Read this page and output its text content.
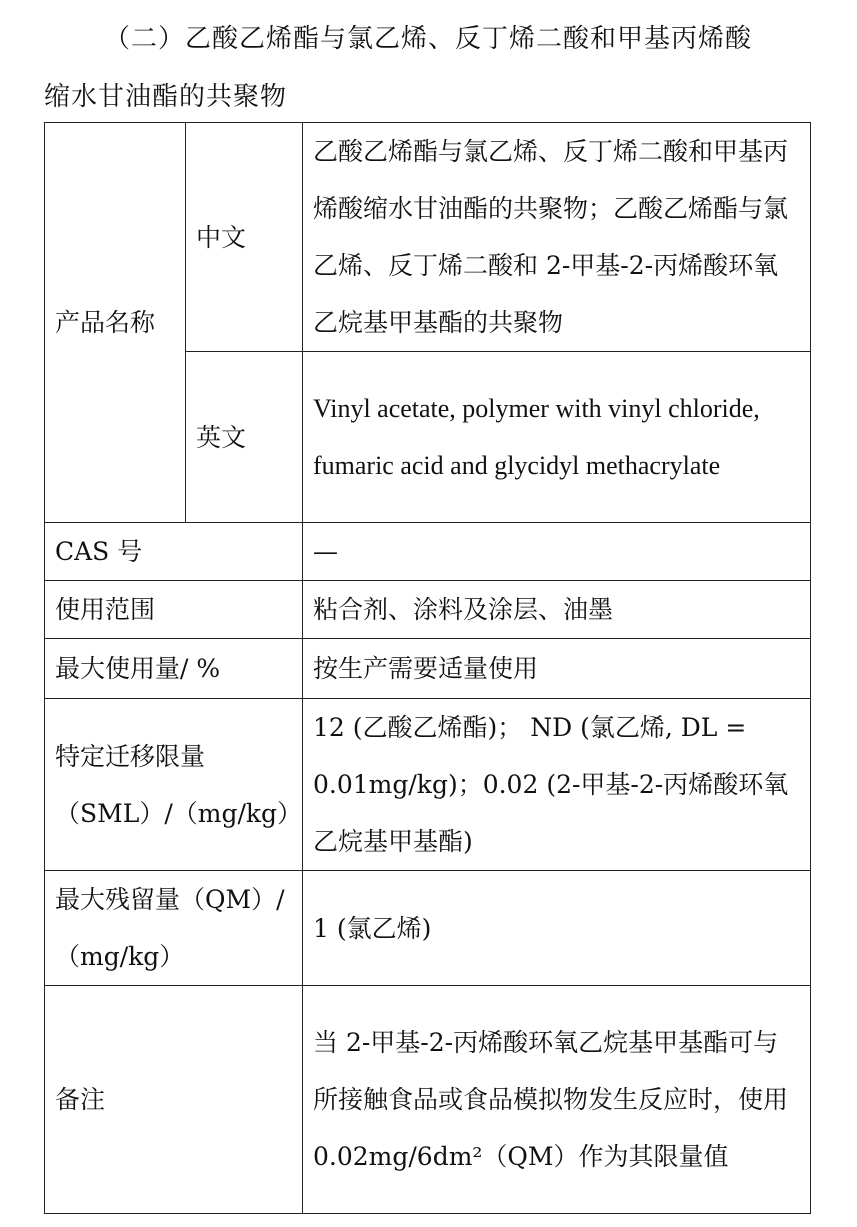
（二）乙酸乙烯酯与氯乙烯、反丁烯二酸和甲基丙烯酸
缩水甘油酯的共聚物
产品名称	中文	乙酸乙烯酯与氯乙烯、反丁烯二酸和甲基丙烯酸缩水甘油酯的共聚物；乙酸乙烯酯与氯乙烯、反丁烯二酸和 2-甲基-2-丙烯酸环氧乙烷基甲基酯的共聚物
	英文	Vinyl acetate, polymer with vinyl chloride, fumaric acid and glycidyl methacrylate
CAS 号		—
使用范围		粘合剂、涂料及涂层、油墨
最大使用量/ %		按生产需要适量使用
特定迁移限量（SML）/（mg/kg）		12 (乙酸乙烯酯)； ND (氯乙烯, DL = 0.01mg/kg)；0.02 (2-甲基-2-丙烯酸环氧乙烷基甲基酯)
最大残留量（QM）/（mg/kg）		1 (氯乙烯)
备注		当 2-甲基-2-丙烯酸环氧乙烷基甲基酯可与所接触食品或食品模拟物发生反应时，使用 0.02mg/6dm²（QM）作为其限量值
